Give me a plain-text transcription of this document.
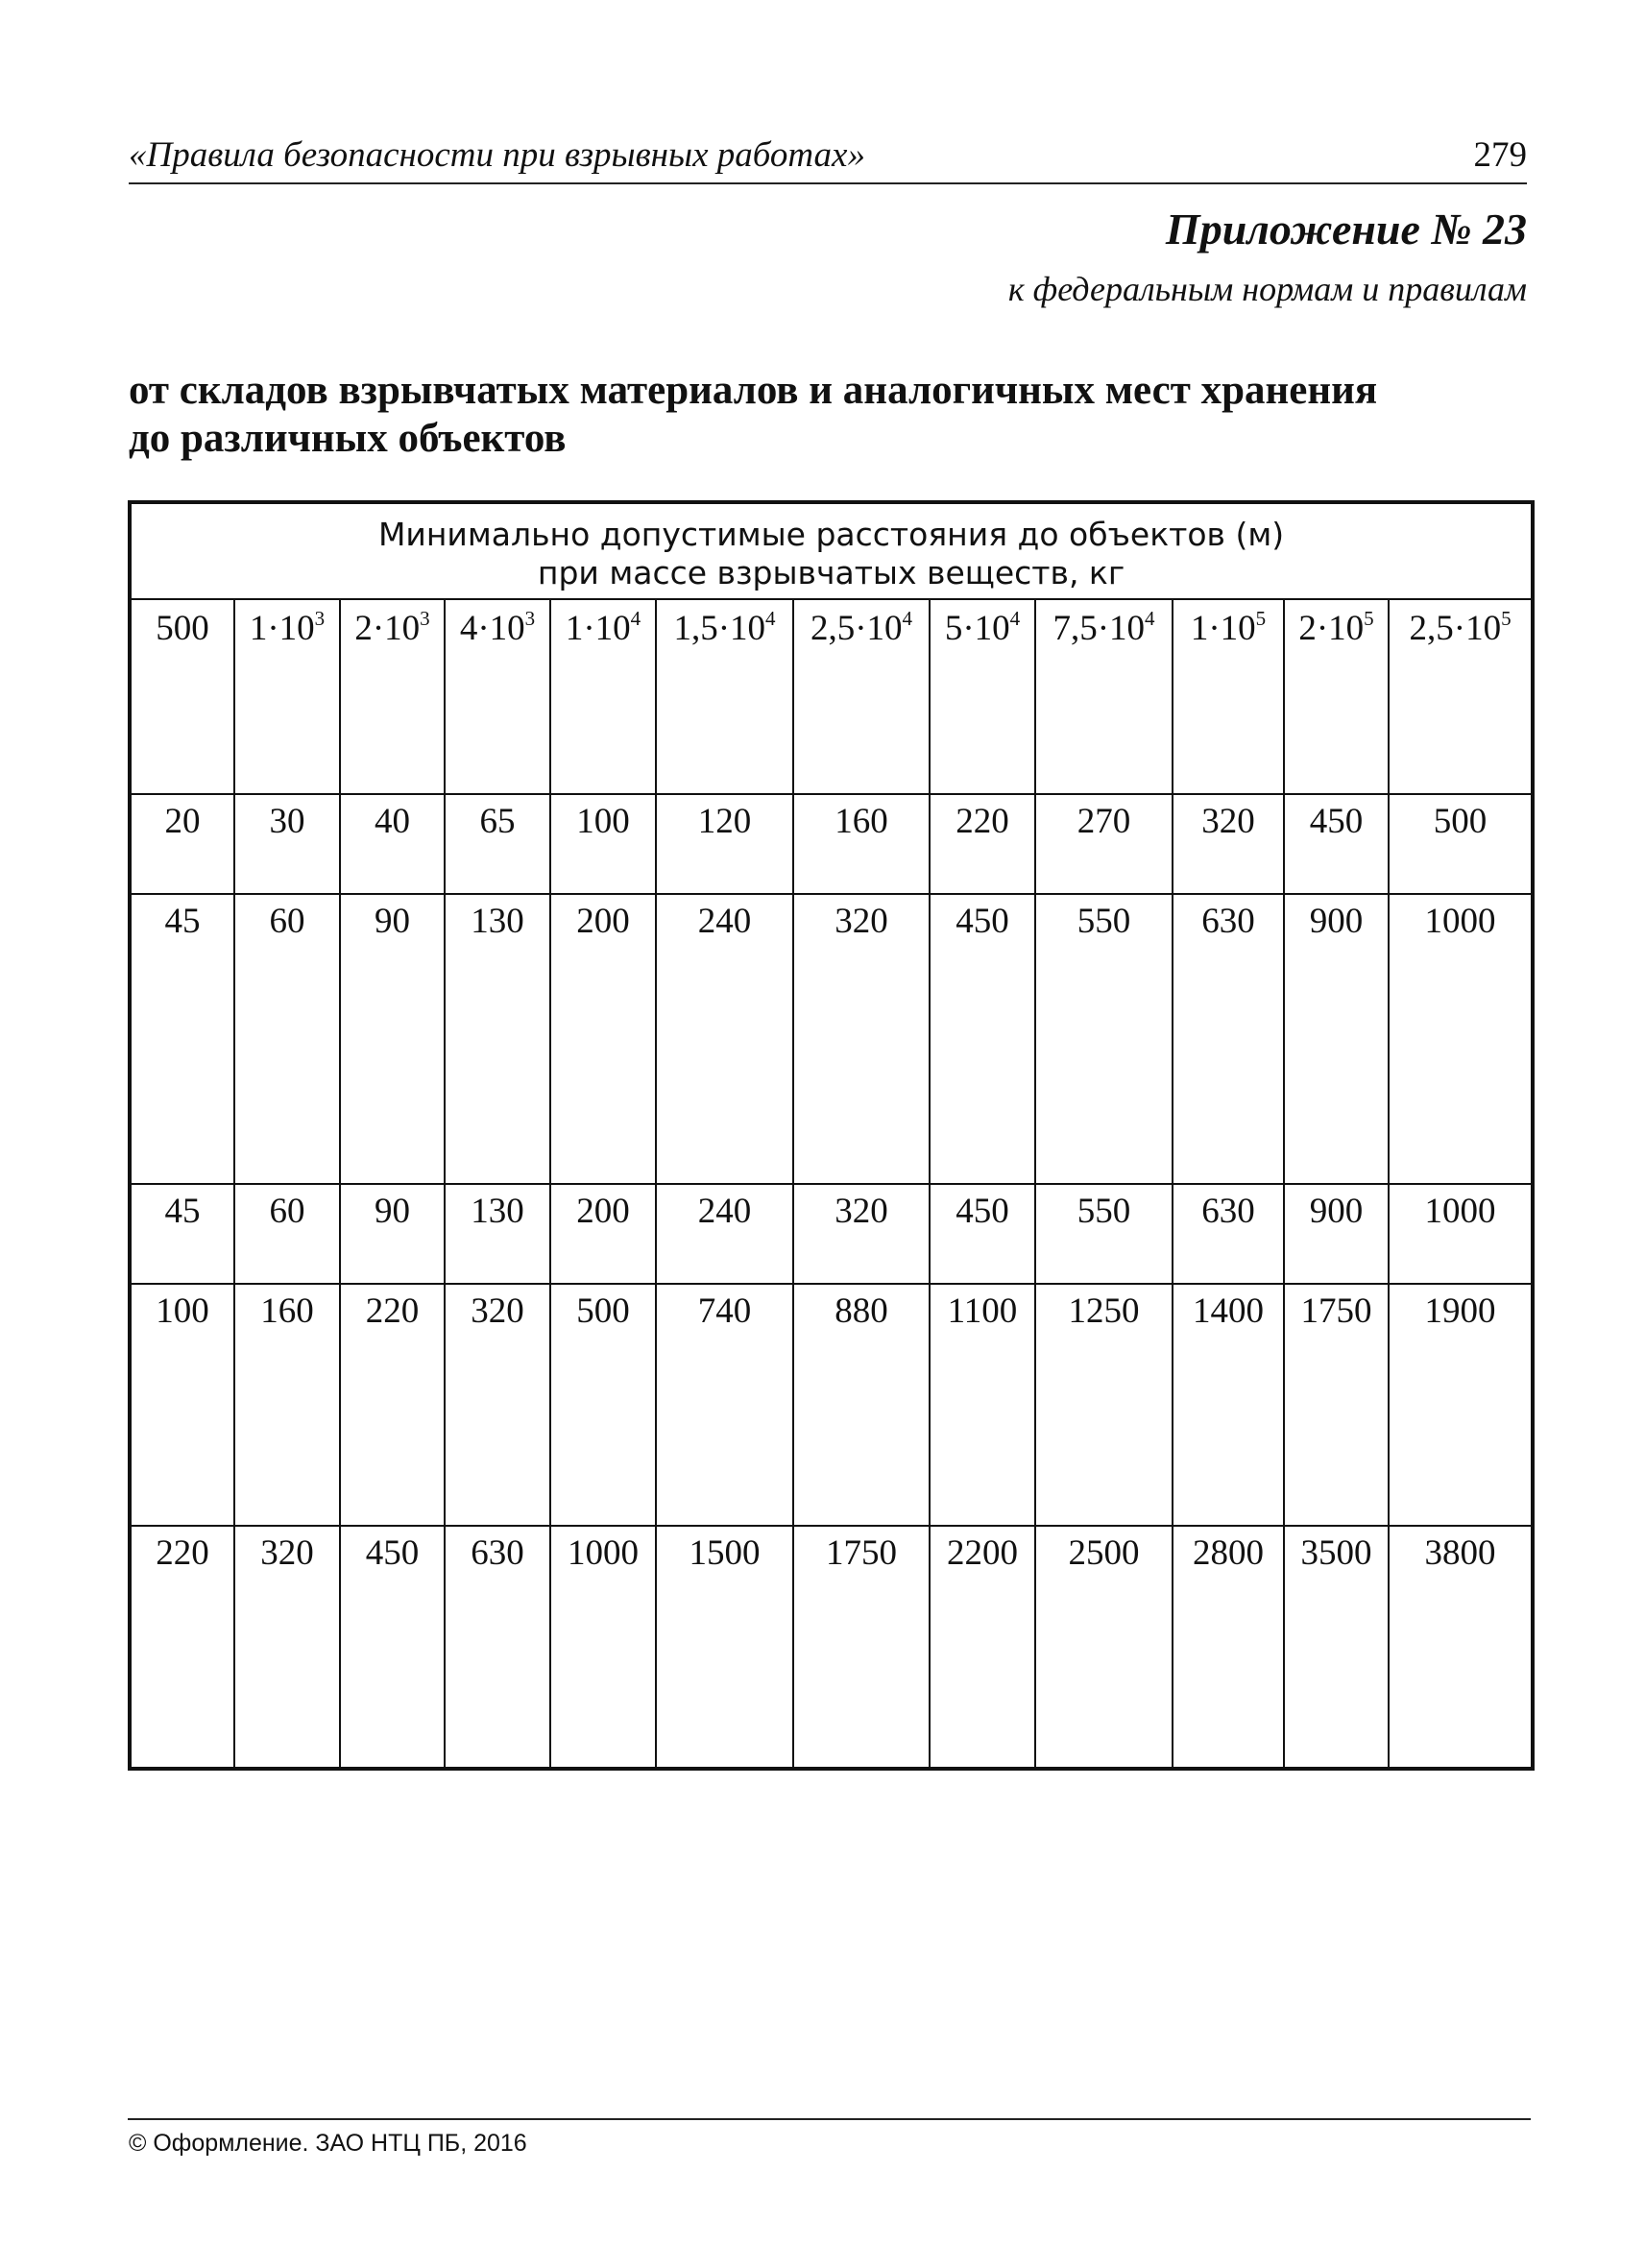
«Правила безопасности при взрывных работах»	279
Приложение № 23
к федеральным нормам и правилам
от складов взрывчатых материалов и аналогичных мест хранения
до различных объектов
Минимально допустимые расстояния до объектов (м)
при массе взрывчатых веществ, кг											

500	$1\cdot 10^3$	$2\cdot 10^3$	$4\cdot 10^3$	$1\cdot 10^4$	$1,5\cdot 10^4$	$2,5\cdot 10^4$	$5\cdot 10^4$	$7,5\cdot 10^4$	$1\cdot 10^5$	$2\cdot 10^5$	$2,5\cdot 10^5$
20	30	40	65	100	120	160	220	270	320	450	500
45	60	90	130	200	240	320	450	550	630	900	1000
45	60	90	130	200	240	320	450	550	630	900	1000
100	160	220	320	500	740	880	1100	1250	1400	1750	1900
220	320	450	630	1000	1500	1750	2200	2500	2800	3500	3800
© Оформление. ЗАО НТЦ ПБ, 2016
